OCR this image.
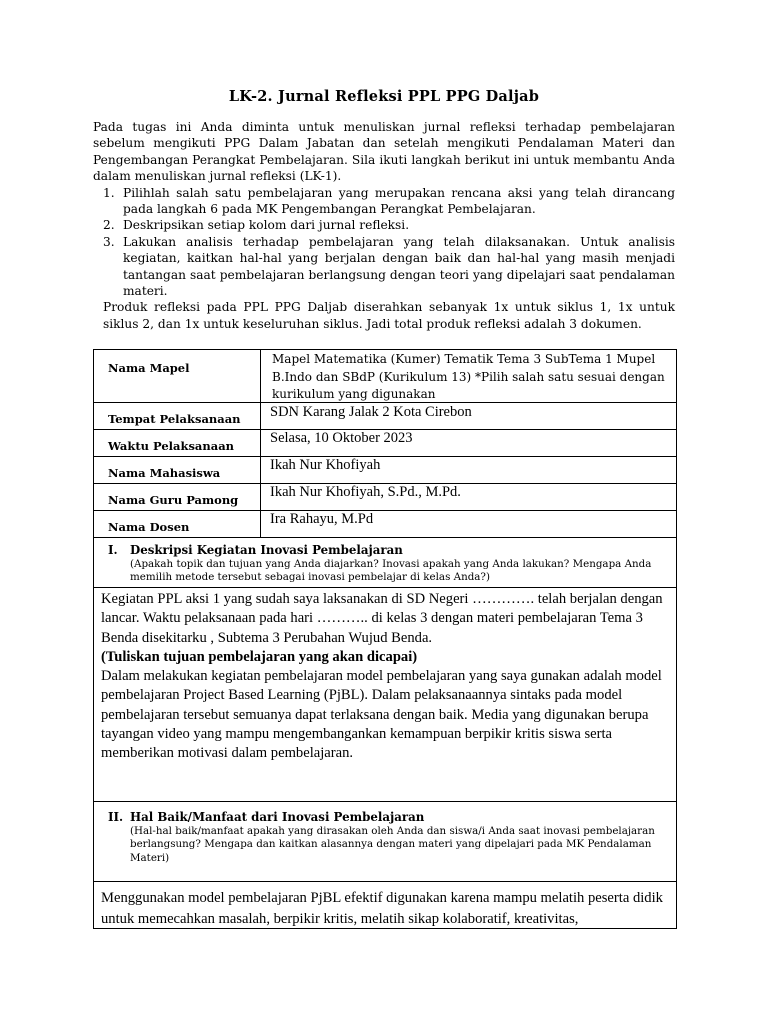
LK-2. Jurnal Refleksi PPL PPG Daljab

Pada tugas ini Anda diminta untuk menuliskan jurnal refleksi terhadap pembelajaran sebelum mengikuti PPG Dalam Jabatan dan setelah mengikuti Pendalaman Materi dan Pengembangan Perangkat Pembelajaran. Sila ikuti langkah berikut ini untuk membantu Anda dalam menuliskan jurnal refleksi (LK-1).

1. Pilihlah salah satu pembelajaran yang merupakan rencana aksi yang telah dirancang pada langkah 6 pada MK Pengembangan Perangkat Pembelajaran.
2. Deskripsikan setiap kolom dari jurnal refleksi.
3. Lakukan analisis terhadap pembelajaran yang telah dilaksanakan. Untuk analisis kegiatan, kaitkan hal-hal yang berjalan dengan baik dan hal-hal yang masih menjadi tantangan saat pembelajaran berlangsung dengan teori yang dipelajari saat pendalaman materi.

Produk refleksi pada PPL PPG Daljab diserahkan sebanyak 1x untuk siklus 1, 1x untuk siklus 2, dan 1x untuk keseluruhan siklus. Jadi total produk refleksi adalah 3 dokumen.

Nama Mapel
Mapel Matematika (Kumer) Tematik Tema 3 SubTema 1 Mupel B.Indo dan SBdP (Kurikulum 13) *Pilih salah satu sesuai dengan kurikulum yang digunakan
Tempat Pelaksanaan SDN Karang Jalak 2 Kota Cirebon
Waktu Pelaksanaan Selasa, 10 Oktober 2023
Nama Mahasiswa	Ikah Nur Khofiyah
Nama Guru Pamong Ikah Nur Khofiyah, S.Pd., M.Pd.
Nama Dosen	Ira Rahayu, M.Pd
I. Deskripsi Kegiatan Inovasi Pembelajaran
(Apakah topik dan tujuan yang Anda diajarkan? Inovasi apakah yang Anda lakukan? Mengapa Anda memilih metode tersebut sebagai inovasi pembelajar di kelas Anda?)

Kegiatan PPL aksi 1 yang sudah saya laksanakan di SD Negeri …………. telah berjalan dengan lancar. Waktu pelaksanaan pada hari ……….. di kelas 3 dengan materi pembelajaran Tema 3 Benda disekitarku , Subtema 3 Perubahan Wujud Benda.

(Tuliskan tujuan pembelajaran yang akan dicapai)

Dalam melakukan kegiatan pembelajaran model pembelajaran yang saya gunakan adalah model pembelajaran Project Based Learning (PjBL). Dalam pelaksanaannya sintaks pada model pembelajaran tersebut semuanya dapat terlaksana dengan baik. Media yang digunakan berupa tayangan video yang mampu mengembangankan kemampuan berpikir kritis siswa serta memberikan motivasi dalam pembelajaran.

II. Hal Baik/Manfaat dari Inovasi Pembelajaran
(Hal-hal baik/manfaat apakah yang dirasakan oleh Anda dan siswa/i Anda saat inovasi pembelajaran berlangsung? Mengapa dan kaitkan alasannya dengan materi yang dipelajari pada MK Pendalaman Materi)

Menggunakan model pembelajaran PjBL efektif digunakan karena mampu melatih peserta didik untuk memecahkan masalah, berpikir kritis, melatih sikap kolaboratif, kreativitas,
